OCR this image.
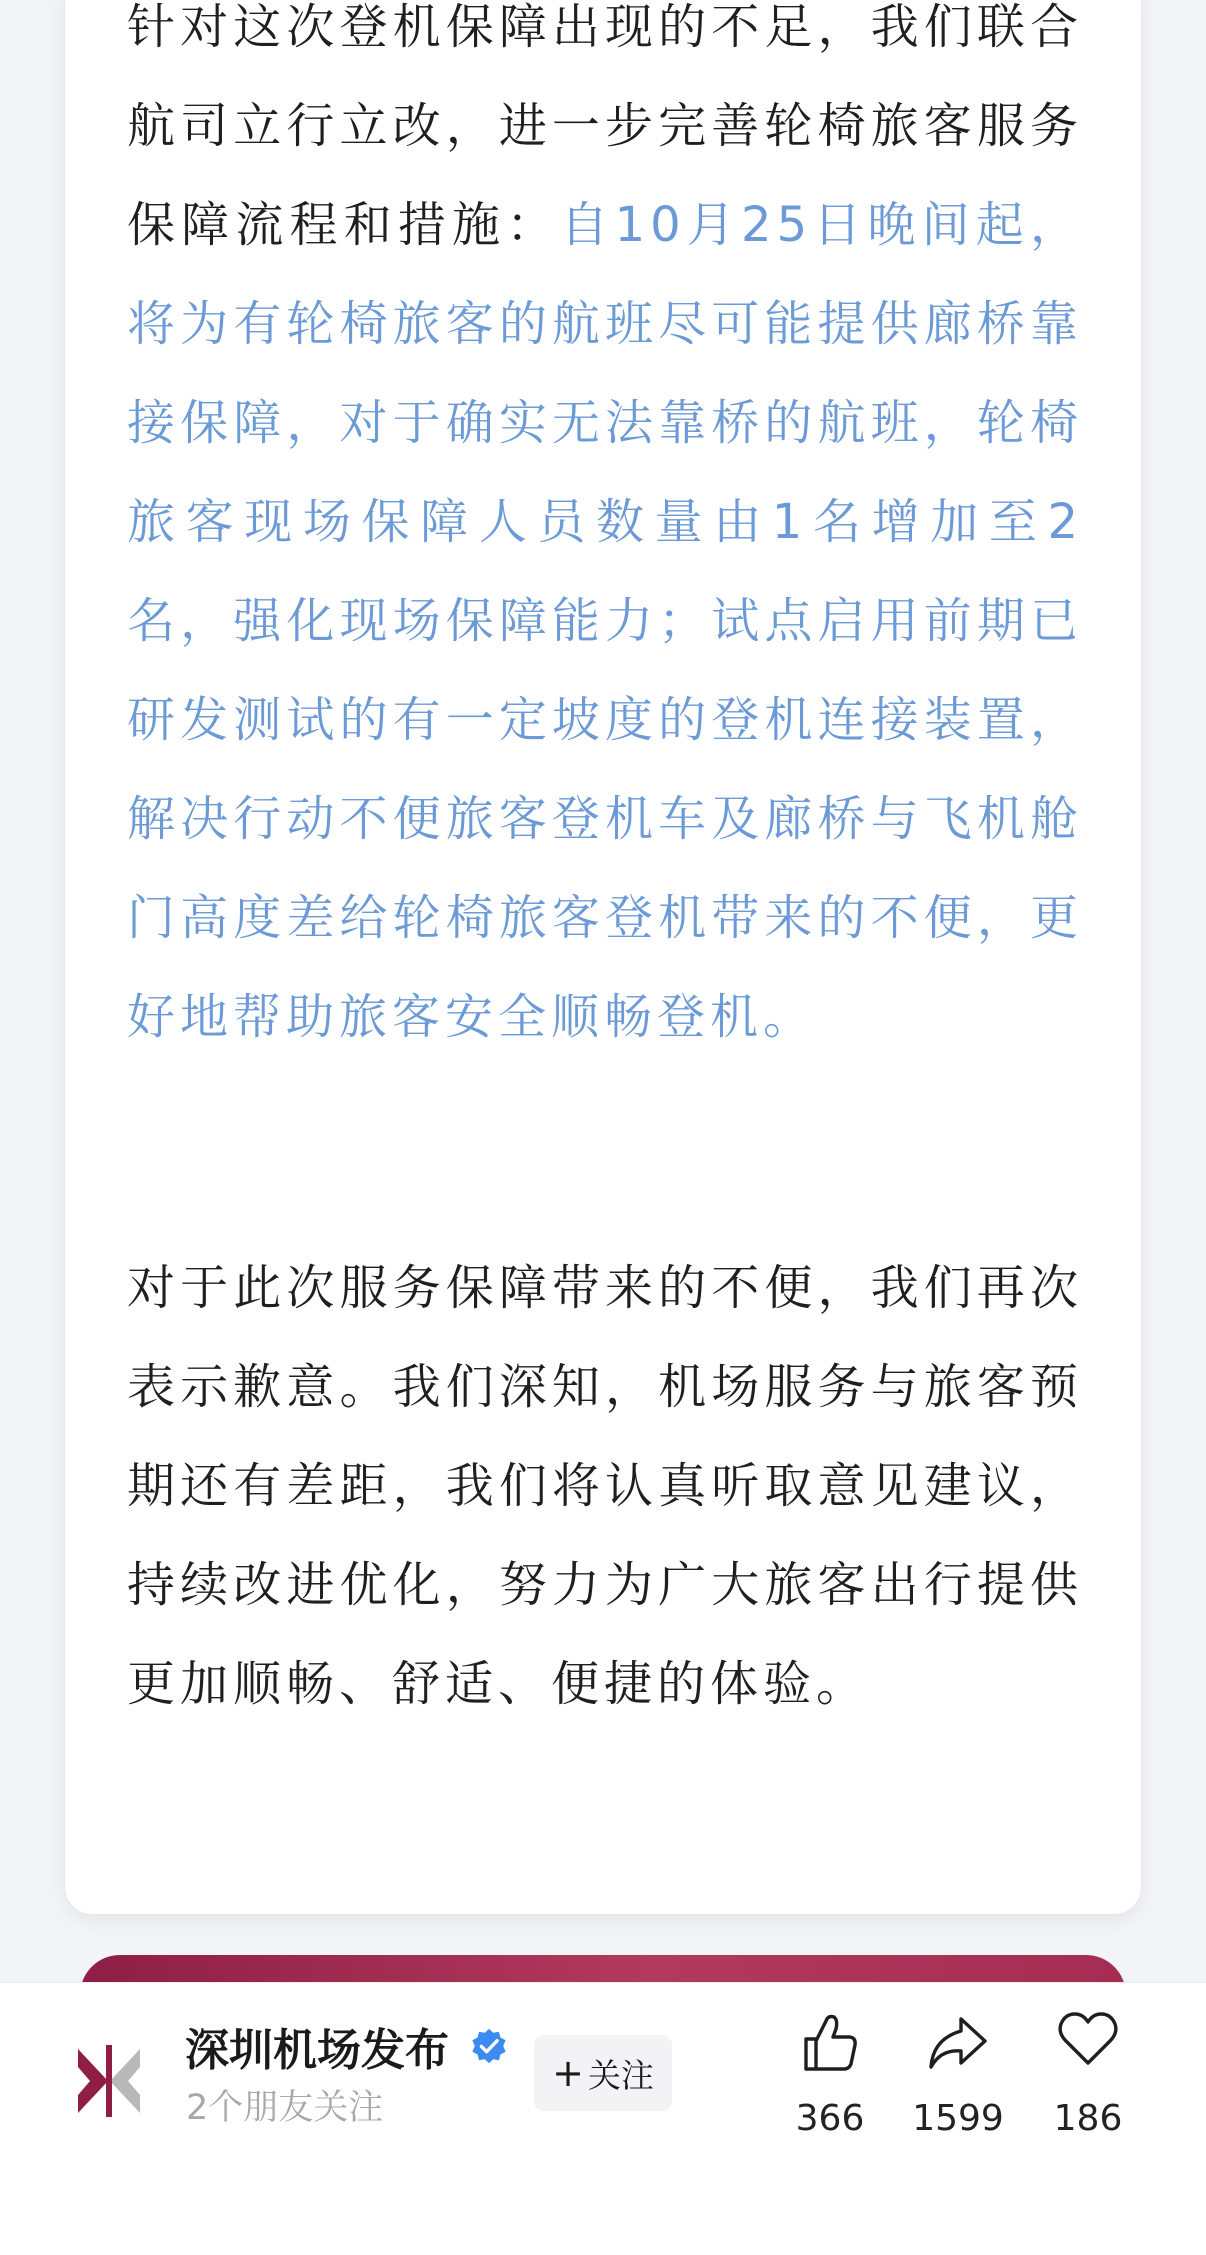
针对这次登机保障出现的不足，我们联合航司立行立改，进一步完善轮椅旅客服务保障流程和措施：自10月25日晚间起，将为有轮椅旅客的航班尽可能提供廊桥靠接保障，对于确实无法靠桥的航班，轮椅旅客现场保障人员数量由1名增加至2名，强化现场保障能力；试点启用前期已研发测试的有一定坡度的登机连接装置，解决行动不便旅客登机车及廊桥与飞机舱门高度差给轮椅旅客登机带来的不便，更好地帮助旅客安全顺畅登机。

对于此次服务保障带来的不便，我们再次表示歉意。我们深知，机场服务与旅客预期还有差距，我们将认真听取意见建议，持续改进优化，努力为广大旅客出行提供更加顺畅、舒适、便捷的体验。

深圳机场发布
2个朋友关注
+ 关注
366	1599	186
